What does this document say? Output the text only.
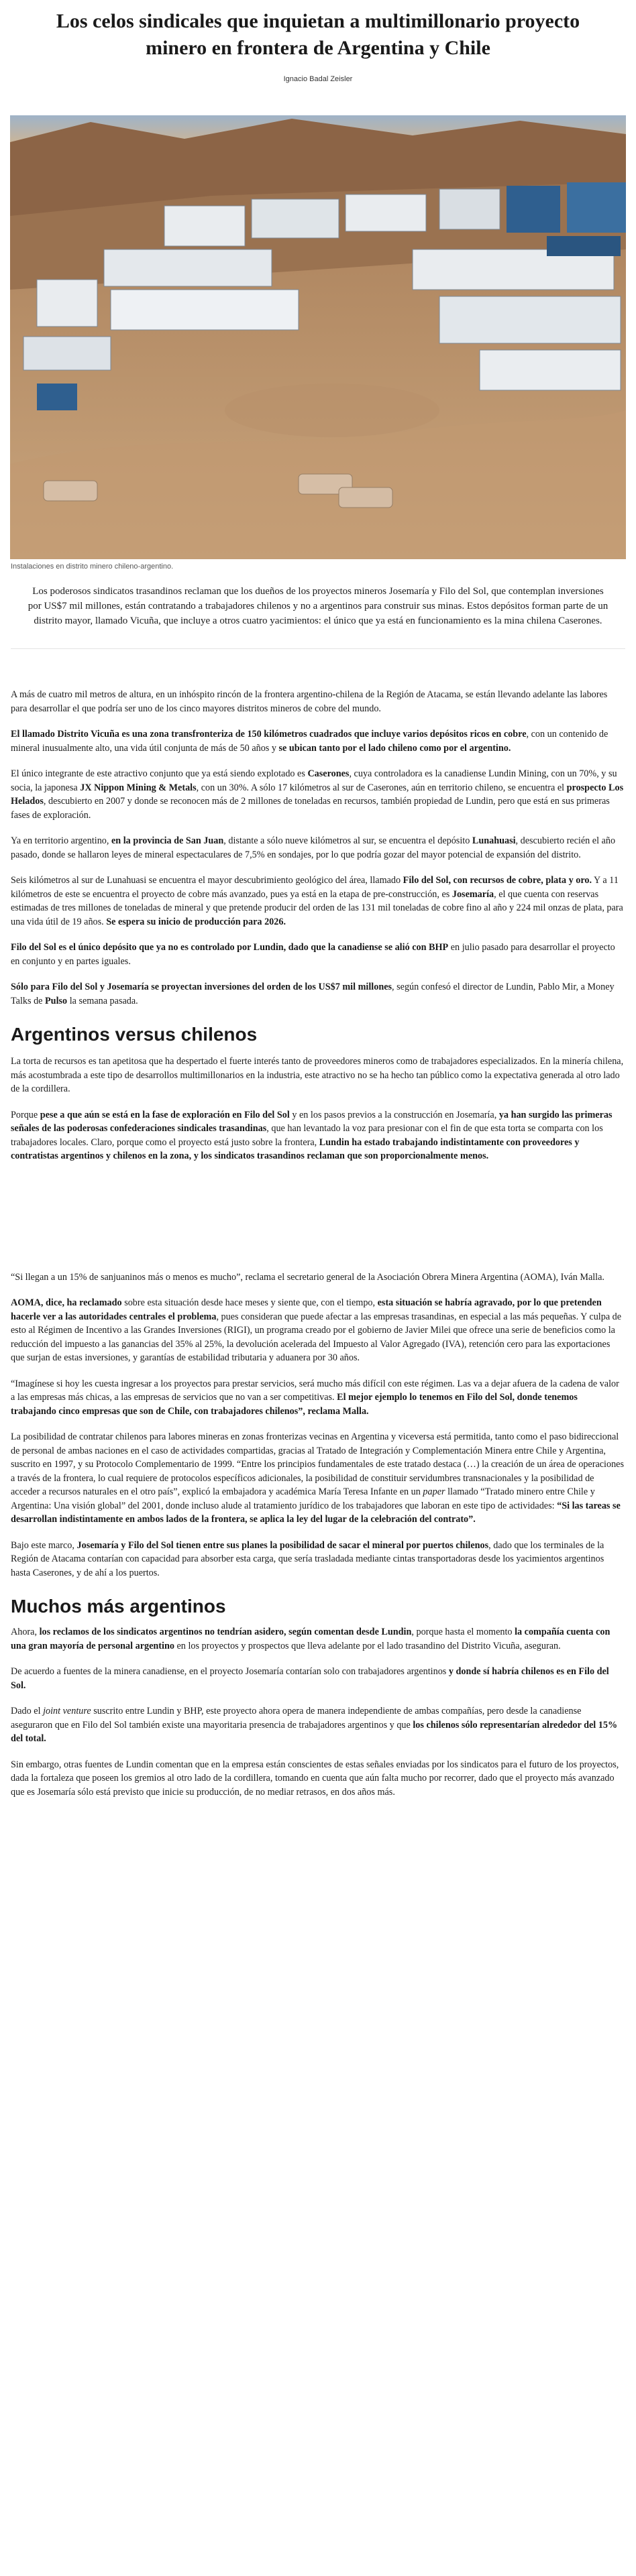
Los celos sindicales que inquietan a multimillonario proyecto minero en frontera de Argentina y Chile
Ignacio Badal Zeisler
Instalaciones en distrito minero chileno-argentino.

Los poderosos sindicatos trasandinos reclaman que los dueños de los proyectos mineros Josemaría y Filo del Sol, que contemplan inversiones por US$7 mil millones, están contratando a trabajadores chilenos y no a argentinos para construir sus minas. Estos depósitos forman parte de un distrito mayor, llamado Vicuña, que incluye a otros cuatro yacimientos: el único que ya está en funcionamiento es la mina chilena Caserones.

A más de cuatro mil metros de altura, en un inhóspito rincón de la frontera argentino-chilena de la Región de Atacama, se están llevando adelante las labores para desarrollar el que podría ser uno de los cinco mayores distritos mineros de cobre del mundo.

El llamado Distrito Vicuña es una zona transfronteriza de 150 kilómetros cuadrados que incluye varios depósitos ricos en cobre, con un contenido de mineral inusualmente alto, una vida útil conjunta de más de 50 años y se ubican tanto por el lado chileno como por el argentino.

El único integrante de este atractivo conjunto que ya está siendo explotado es Caserones, cuya controladora es la canadiense Lundin Mining, con un 70%, y su socia, la japonesa JX Nippon Mining & Metals, con un 30%. A sólo 17 kilómetros al sur de Caserones, aún en territorio chileno, se encuentra el prospecto Los Helados, descubierto en 2007 y donde se reconocen más de 2 millones de toneladas en recursos, también propiedad de Lundin, pero que está en sus primeras fases de exploración.

Ya en territorio argentino, en la provincia de San Juan, distante a sólo nueve kilómetros al sur, se encuentra el depósito Lunahuasi, descubierto recién el año pasado, donde se hallaron leyes de mineral espectaculares de 7,5% en sondajes, por lo que podría gozar del mayor potencial de expansión del distrito.

Seis kilómetros al sur de Lunahuasi se encuentra el mayor descubrimiento geológico del área, llamado Filo del Sol, con recursos de cobre, plata y oro. Y a 11 kilómetros de este se encuentra el proyecto de cobre más avanzado, pues ya está en la etapa de pre-construcción, es Josemaría, el que cuenta con reservas estimadas de tres millones de toneladas de mineral y que pretende producir del orden de las 131 mil toneladas de cobre fino al año y 224 mil onzas de plata, para una vida útil de 19 años. Se espera su inicio de producción para 2026.

Filo del Sol es el único depósito que ya no es controlado por Lundin, dado que la canadiense se alió con BHP en julio pasado para desarrollar el proyecto en conjunto y en partes iguales.

Sólo para Filo del Sol y Josemaría se proyectan inversiones del orden de los US$7 mil millones, según confesó el director de Lundin, Pablo Mir, a Money Talks de Pulso la semana pasada.

Argentinos versus chilenos

La torta de recursos es tan apetitosa que ha despertado el fuerte interés tanto de proveedores mineros como de trabajadores especializados. En la minería chilena, más acostumbrada a este tipo de desarrollos multimillonarios en la industria, este atractivo no se ha hecho tan público como la expectativa generada al otro lado de la cordillera.

Porque pese a que aún se está en la fase de exploración en Filo del Sol y en los pasos previos a la construcción en Josemaría, ya han surgido las primeras señales de las poderosas confederaciones sindicales trasandinas, que han levantado la voz para presionar con el fin de que esta torta se comparta con los trabajadores locales. Claro, porque como el proyecto está justo sobre la frontera, Lundin ha estado trabajando indistintamente con proveedores y contratistas argentinos y chilenos en la zona, y los sindicatos trasandinos reclaman que son proporcionalmente menos.

“Si llegan a un 15% de sanjuaninos más o menos es mucho”, reclama el secretario general de la Asociación Obrera Minera Argentina (AOMA), Iván Malla.

AOMA, dice, ha reclamado sobre esta situación desde hace meses y siente que, con el tiempo, esta situación se habría agravado, por lo que pretenden hacerle ver a las autoridades centrales el problema, pues consideran que puede afectar a las empresas trasandinas, en especial a las más pequeñas. Y culpa de esto al Régimen de Incentivo a las Grandes Inversiones (RIGI), un programa creado por el gobierno de Javier Milei que ofrece una serie de beneficios como la reducción del impuesto a las ganancias del 35% al 25%, la devolución acelerada del Impuesto al Valor Agregado (IVA), retención cero para las exportaciones que surjan de estas inversiones, y garantías de estabilidad tributaria y aduanera por 30 años.

“Imagínese si hoy les cuesta ingresar a los proyectos para prestar servicios, será mucho más difícil con este régimen. Las va a dejar afuera de la cadena de valor a las empresas más chicas, a las empresas de servicios que no van a ser competitivas. El mejor ejemplo lo tenemos en Filo del Sol, donde tenemos trabajando cinco empresas que son de Chile, con trabajadores chilenos”, reclama Malla.

La posibilidad de contratar chilenos para labores mineras en zonas fronterizas vecinas en Argentina y viceversa está permitida, tanto como el paso bidireccional de personal de ambas naciones en el caso de actividades compartidas, gracias al Tratado de Integración y Complementación Minera entre Chile y Argentina, suscrito en 1997, y su Protocolo Complementario de 1999. “Entre los principios fundamentales de este tratado destaca (…) la creación de un área de operaciones a través de la frontera, lo cual requiere de protocolos específicos adicionales, la posibilidad de constituir servidumbres transnacionales y la posibilidad de acceder a recursos naturales en el otro país”, explicó la embajadora y académica María Teresa Infante en un paper llamado “Tratado minero entre Chile y Argentina: Una visión global” del 2001, donde incluso alude al tratamiento jurídico de los trabajadores que laboran en este tipo de actividades: “Si las tareas se desarrollan indistintamente en ambos lados de la frontera, se aplica la ley del lugar de la celebración del contrato”.

Bajo este marco, Josemaría y Filo del Sol tienen entre sus planes la posibilidad de sacar el mineral por puertos chilenos, dado que los terminales de la Región de Atacama contarían con capacidad para absorber esta carga, que sería trasladada mediante cintas transportadoras desde los yacimientos argentinos hasta Caserones, y de ahí a los puertos.

Muchos más argentinos

Ahora, los reclamos de los sindicatos argentinos no tendrían asidero, según comentan desde Lundin, porque hasta el momento la compañía cuenta con una gran mayoría de personal argentino en los proyectos y prospectos que lleva adelante por el lado trasandino del Distrito Vicuña, aseguran.

De acuerdo a fuentes de la minera canadiense, en el proyecto Josemaría contarían solo con trabajadores argentinos y donde sí habría chilenos es en Filo del Sol.

Dado el joint venture suscrito entre Lundin y BHP, este proyecto ahora opera de manera independiente de ambas compañías, pero desde la canadiense aseguraron que en Filo del Sol también existe una mayoritaria presencia de trabajadores argentinos y que los chilenos sólo representarían alrededor del 15% del total.

Sin embargo, otras fuentes de Lundin comentan que en la empresa están conscientes de estas señales enviadas por los sindicatos para el futuro de los proyectos, dada la fortaleza que poseen los gremios al otro lado de la cordillera, tomando en cuenta que aún falta mucho por recorrer, dado que el proyecto más avanzado que es Josemaría sólo está previsto que inicie su producción, de no mediar retrasos, en dos años más.
